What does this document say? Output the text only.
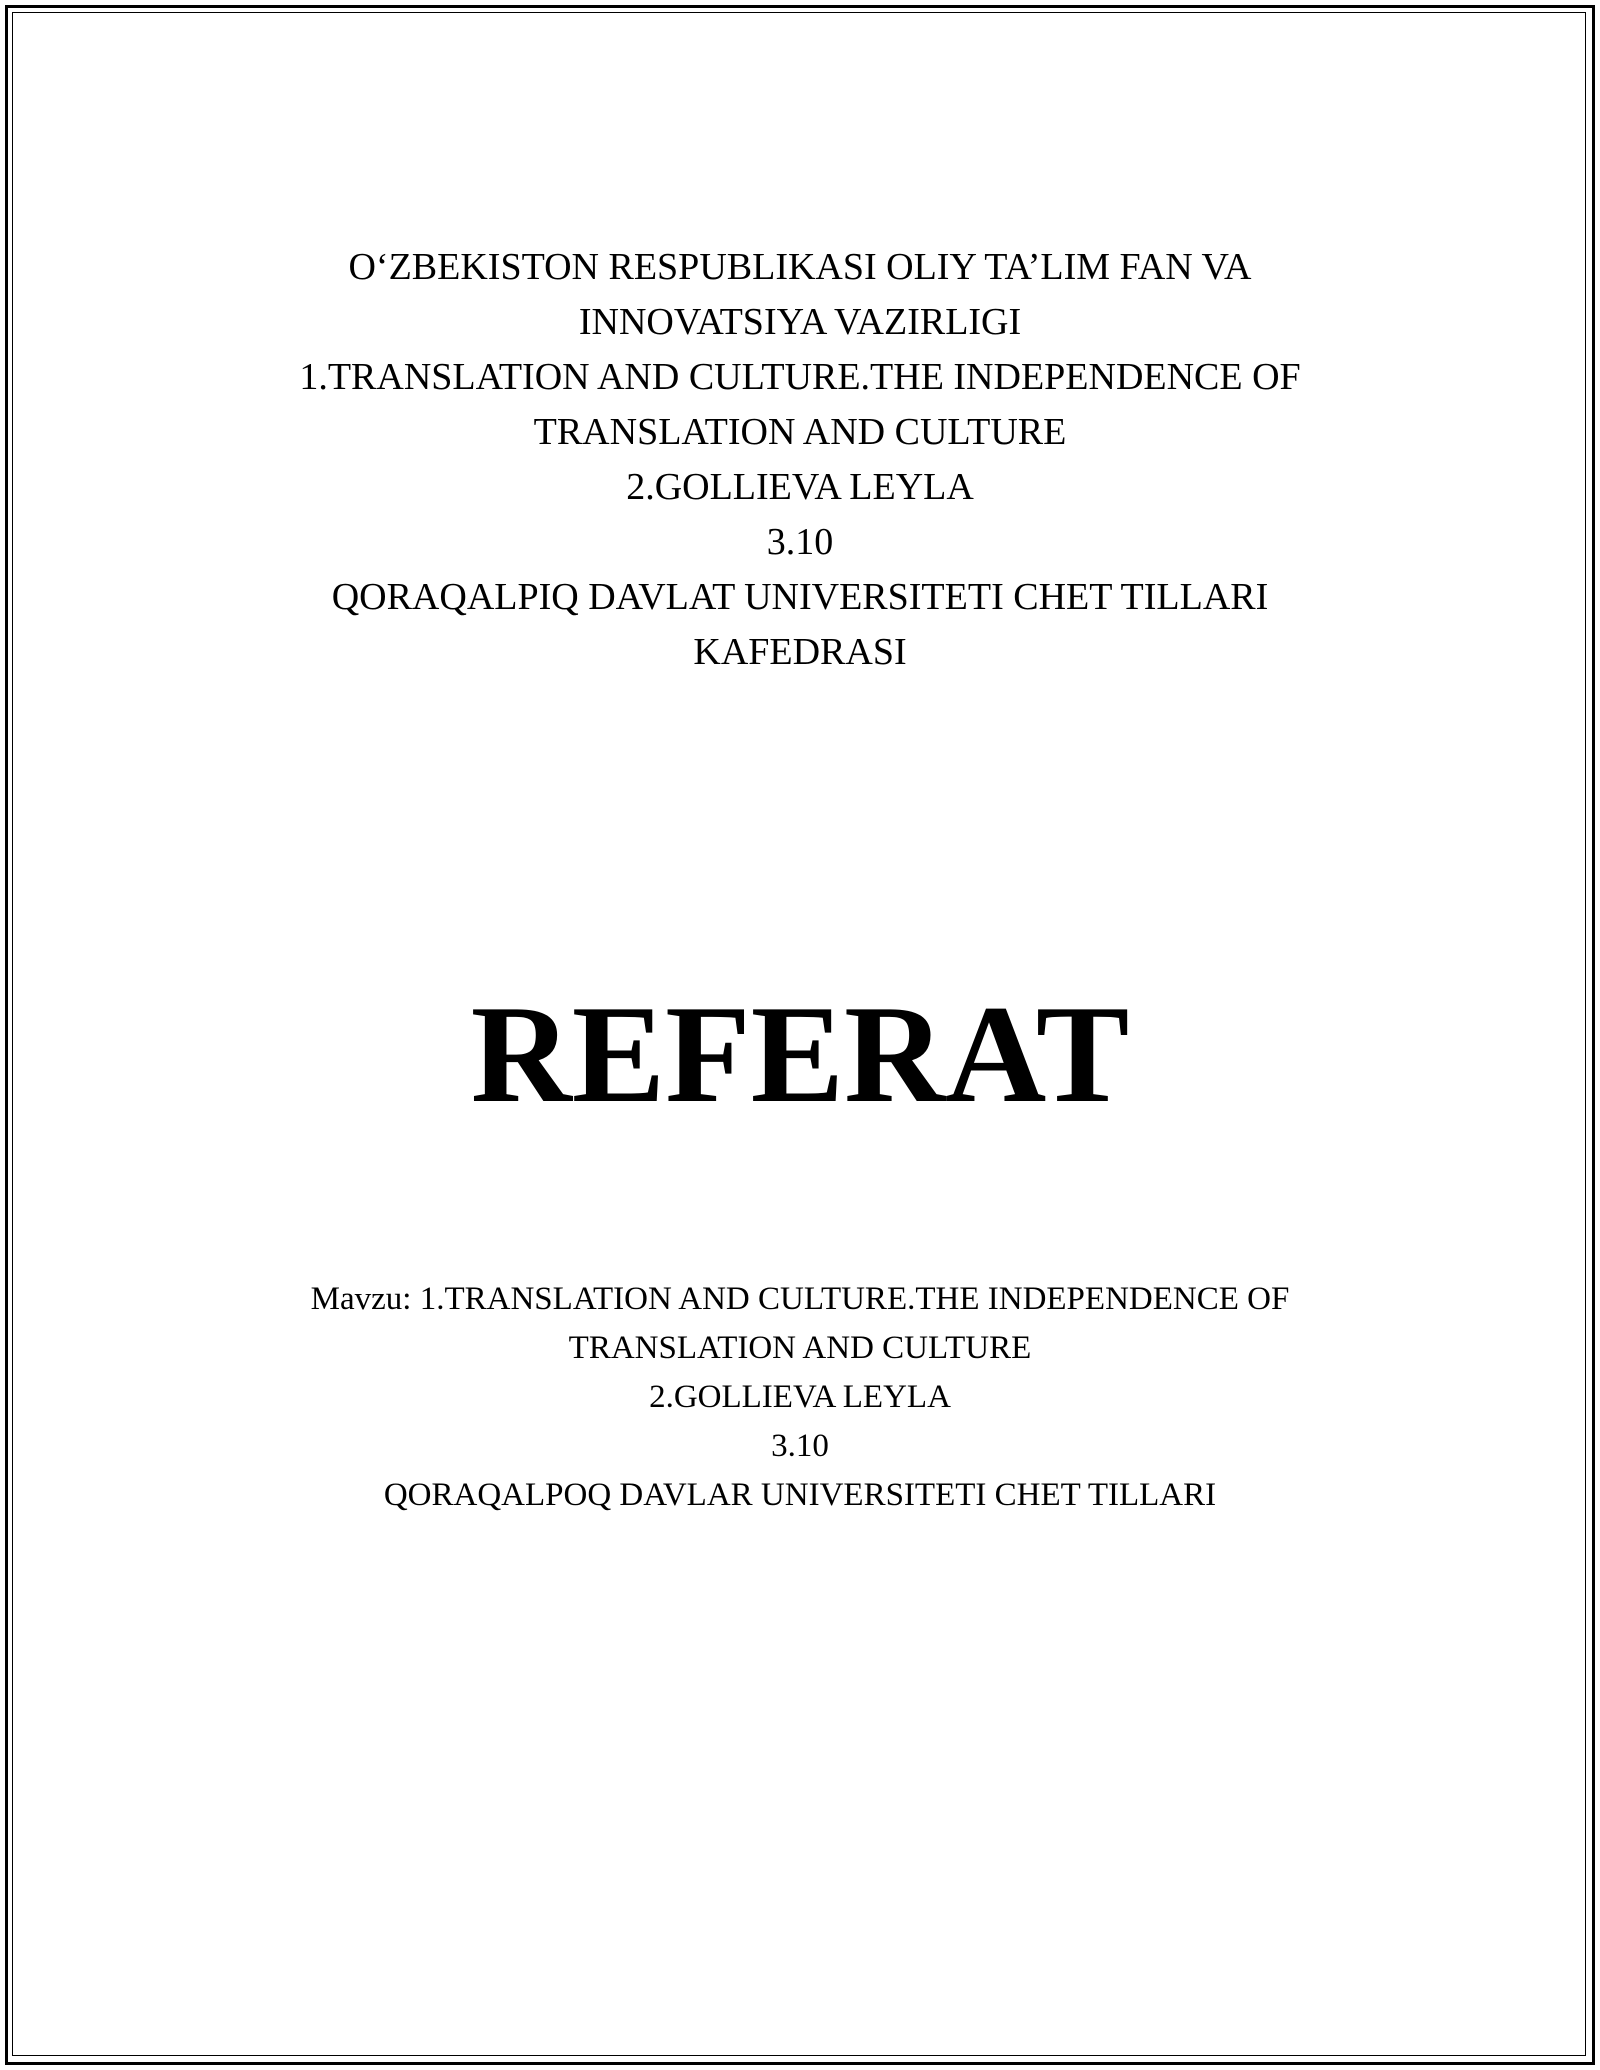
O‘ZBEKISTON RESPUBLIKASI OLIY TA’LIM FAN VA
INNOVATSIYA VAZIRLIGI
1.TRANSLATION AND CULTURE.THE INDEPENDENCE OF
TRANSLATION AND CULTURE
2.GOLLIEVA LEYLA
3.10
QORAQALPIQ DAVLAT UNIVERSITETI CHET TILLARI
KAFEDRASI
REFERAT
Mavzu: 1.TRANSLATION AND CULTURE.THE INDEPENDENCE OF
TRANSLATION AND CULTURE
2.GOLLIEVA LEYLA
3.10
QORAQALPOQ DAVLAR UNIVERSITETI CHET TILLARI
